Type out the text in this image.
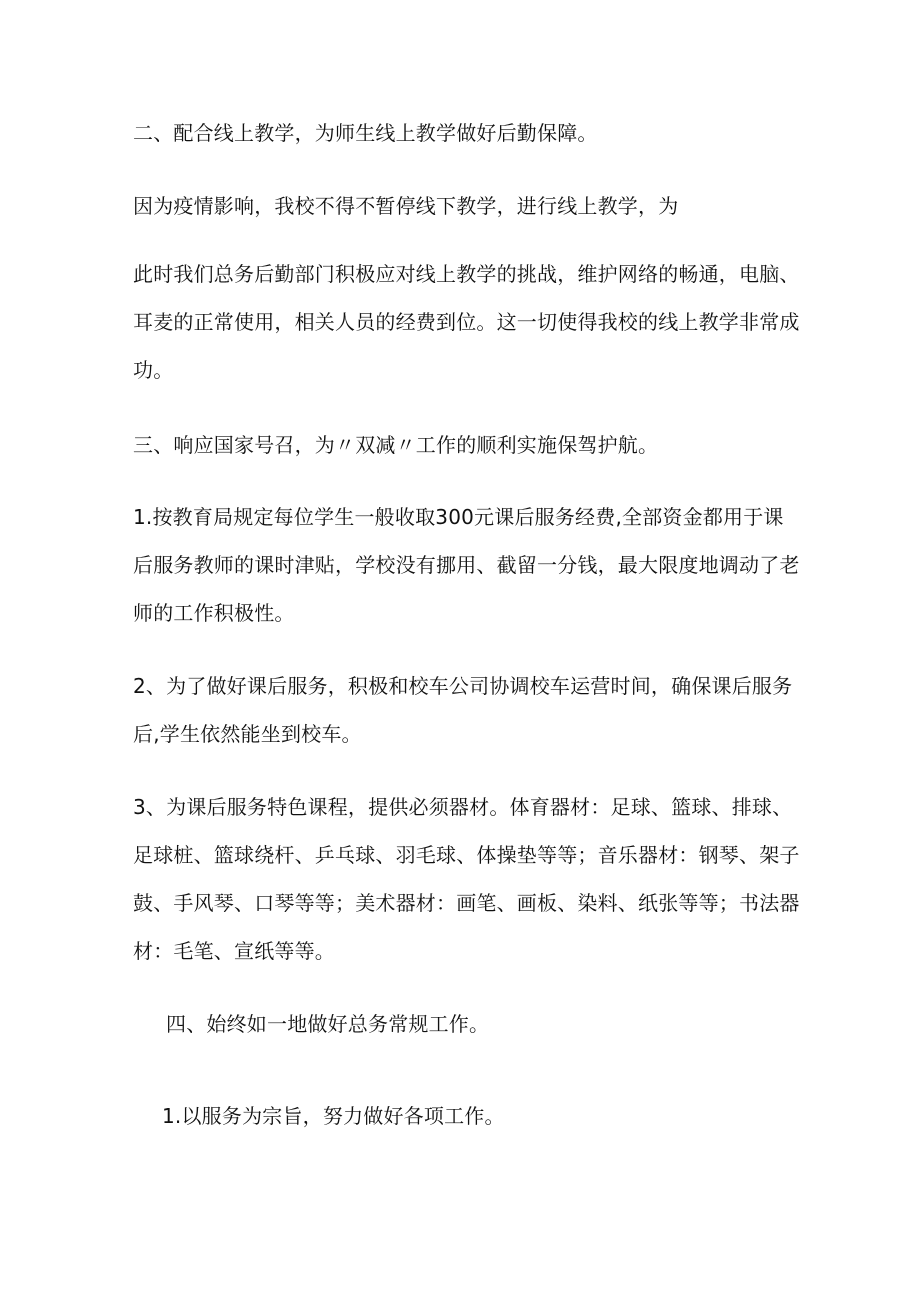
二、配合线上教学，为师生线上教学做好后勤保障。
因为疫情影响，我校不得不暂停线下教学，进行线上教学，为
此时我们总务后勤部门积极应对线上教学的挑战，维护网络的畅通，电脑、
耳麦的正常使用，相关人员的经费到位。这一切使得我校的线上教学非常成
功。
三、响应国家号召，为〃双减〃工作的顺利实施保驾护航。
1.按教育局规定每位学生一般收取300元课后服务经费,全部资金都用于课
后服务教师的课时津贴，学校没有挪用、截留一分钱，最大限度地调动了老
师的工作积极性。
2、为了做好课后服务，积极和校车公司协调校车运营时间，确保课后服务
后,学生依然能坐到校车。
3、为课后服务特色课程，提供必须器材。体育器材：足球、篮球、排球、
足球桩、篮球绕杆、乒乓球、羽毛球、体操垫等等；音乐器材：钢琴、架子
鼓、手风琴、口琴等等；美术器材：画笔、画板、染料、纸张等等；书法器
材：毛笔、宣纸等等。
四、始终如一地做好总务常规工作。
1.以服务为宗旨，努力做好各项工作。
